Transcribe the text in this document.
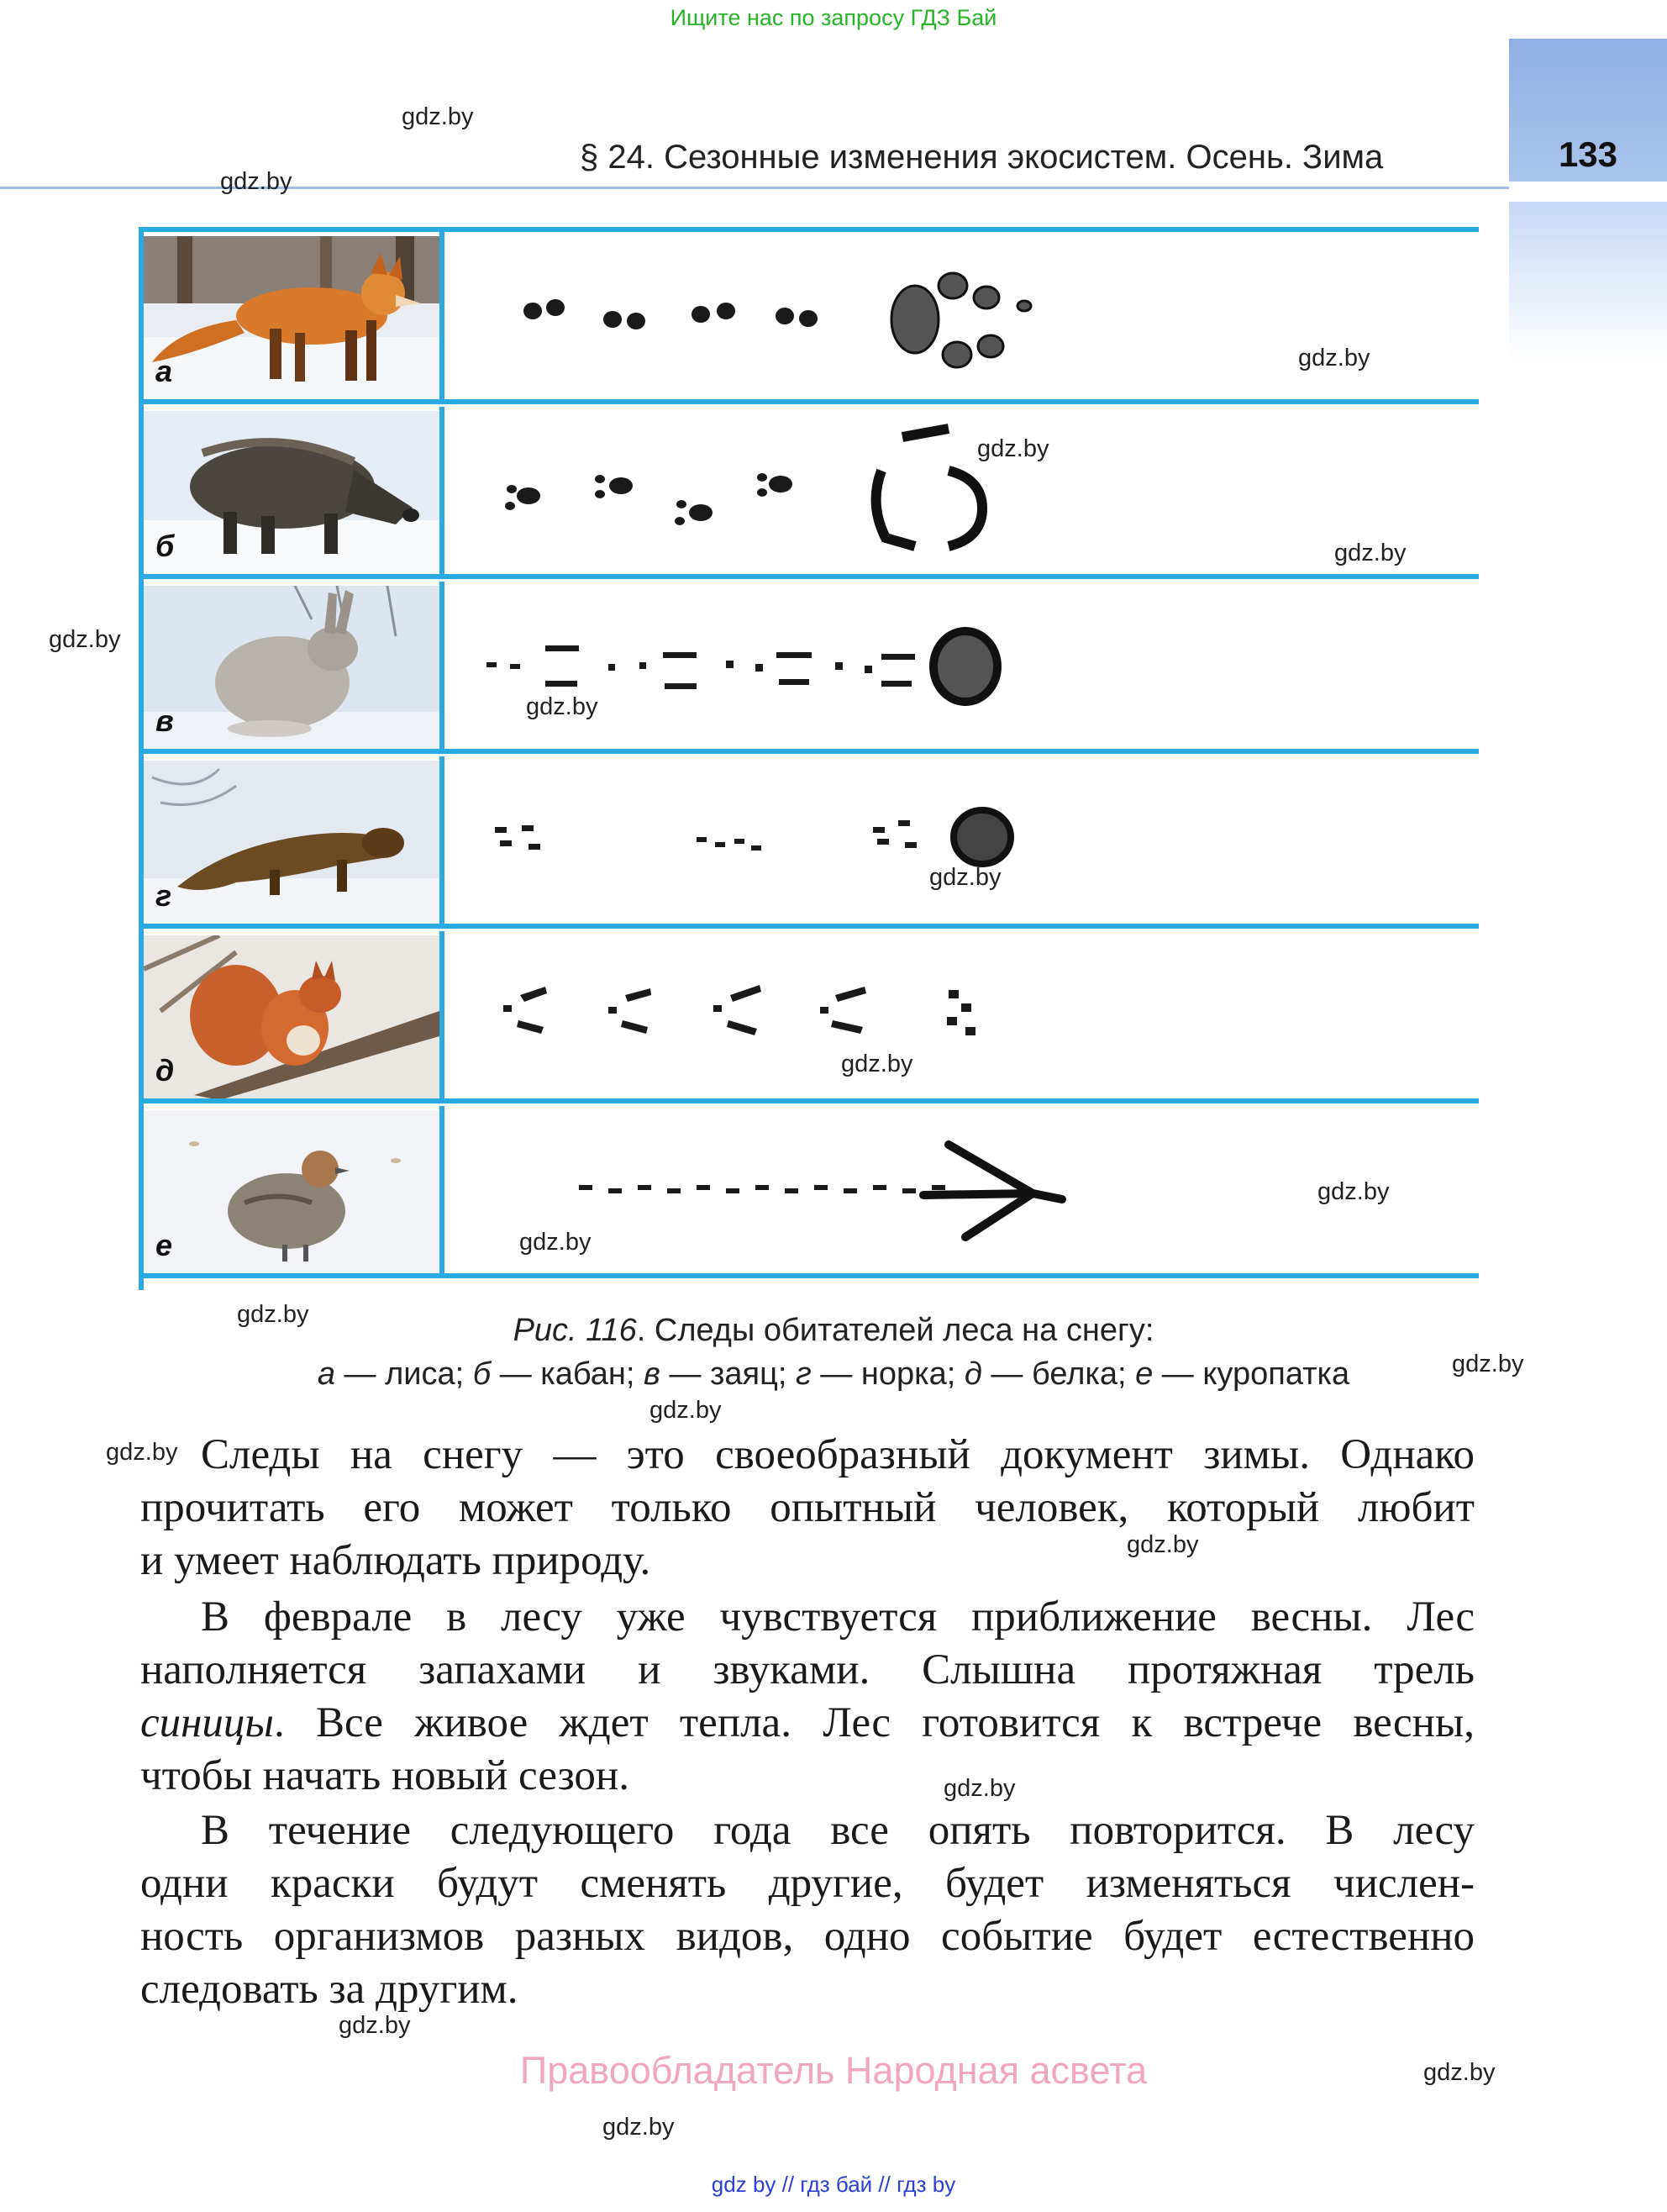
Ищите нас по запросу ГДЗ Бай
133
§ 24. Сезонные изменения экосистем. Осень. Зима
а
б
в
г
д
е
Рис. 116. Следы обитателей леса на снегу:
а — лиса; б — кабан; в — заяц; г — норка; д — белка; е — куропатка
Следы на снегу — это своеобразный документ зимы. Однако
прочитать его может только опытный человек, который любит
и умеет наблюдать природу.
В феврале в лесу уже чувствуется приближение весны. Лес
наполняется запахами и звуками. Слышна протяжная трель
синицы. Все живое ждет тепла. Лес готовится к встрече весны,
чтобы начать новый сезон.
В течение следующего года все опять повторится. В лесу
одни краски будут сменять другие, будет изменяться числен-
ность организмов разных видов, одно событие будет естественно
следовать за другим.
Правообладатель Народная асвета
gdz.by
gdz.by
gdz.by
gdz.by
gdz.by
gdz.by
gdz.by
gdz.by
gdz.by
gdz.by
gdz.by
gdz.by
gdz.by
gdz.by
gdz.by
gdz.by
gdz.by
gdz.by
gdz.by
gdz.by
gdz by // гдз бай // гдз by
